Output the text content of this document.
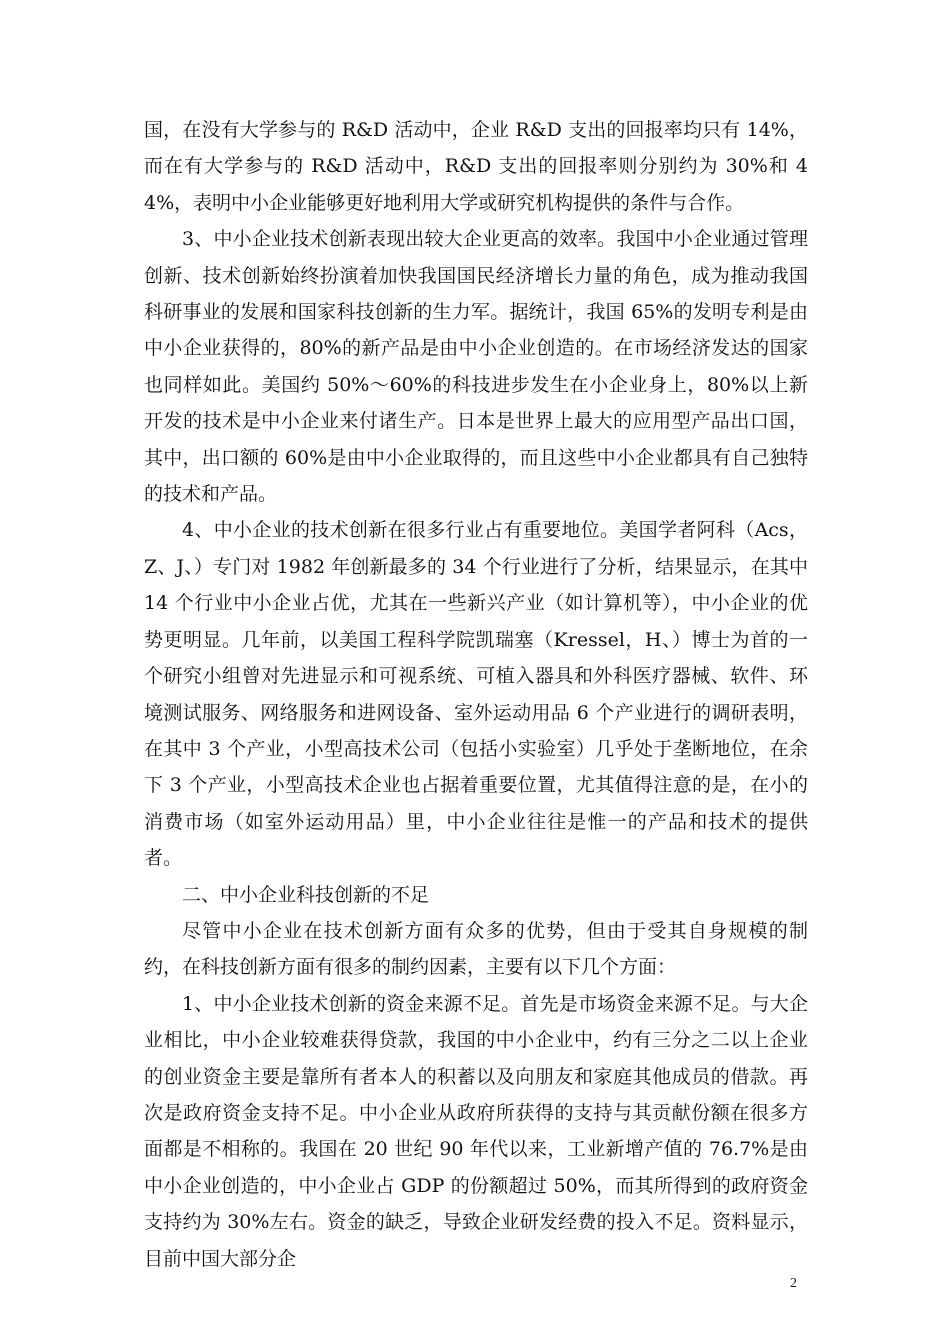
国，在没有大学参与的 R&D 活动中，企业 R&D 支出的回报率均只有 14%，而在有大学参与的 R&D 活动中，R&D 支出的回报率则分别约为 30%和 44%，表明中小企业能够更好地利用大学或研究机构提供的条件与合作。

3、中小企业技术创新表现出较大企业更高的效率。我国中小企业通过管理创新、技术创新始终扮演着加快我国国民经济增长力量的角色，成为推动我国科研事业的发展和国家科技创新的生力军。据统计，我国 65%的发明专利是由中小企业获得的，80%的新产品是由中小企业创造的。在市场经济发达的国家也同样如此。美国约 50%～60%的科技进步发生在小企业身上，80%以上新开发的技术是中小企业来付诸生产。日本是世界上最大的应用型产品出口国，其中，出口额的 60%是由中小企业取得的，而且这些中小企业都具有自己独特的技术和产品。

4、中小企业的技术创新在很多行业占有重要地位。美国学者阿科（Acs，Z、J、）专门对 1982 年创新最多的 34 个行业进行了分析，结果显示，在其中 14 个行业中小企业占优，尤其在一些新兴产业（如计算机等），中小企业的优势更明显。几年前，以美国工程科学院凯瑞塞（Kressel，H、）博士为首的一个研究小组曾对先进显示和可视系统、可植入器具和外科医疗器械、软件、环境测试服务、网络服务和进网设备、室外运动用品 6 个产业进行的调研表明，在其中 3 个产业，小型高技术公司（包括小实验室）几乎处于垄断地位，在余下 3 个产业，小型高技术企业也占据着重要位置，尤其值得注意的是，在小的消费市场（如室外运动用品）里，中小企业往往是惟一的产品和技术的提供者。

二、中小企业科技创新的不足

尽管中小企业在技术创新方面有众多的优势，但由于受其自身规模的制约，在科技创新方面有很多的制约因素，主要有以下几个方面：

1、中小企业技术创新的资金来源不足。首先是市场资金来源不足。与大企业相比，中小企业较难获得贷款，我国的中小企业中，约有三分之二以上企业的创业资金主要是靠所有者本人的积蓄以及向朋友和家庭其他成员的借款。再次是政府资金支持不足。中小企业从政府所获得的支持与其贡献份额在很多方面都是不相称的。我国在 20 世纪 90 年代以来，工业新增产值的 76.7%是由中小企业创造的，中小企业占 GDP 的份额超过 50%，而其所得到的政府资金支持约为 30%左右。资金的缺乏，导致企业研发经费的投入不足。资料显示，目前中国大部分企

2
